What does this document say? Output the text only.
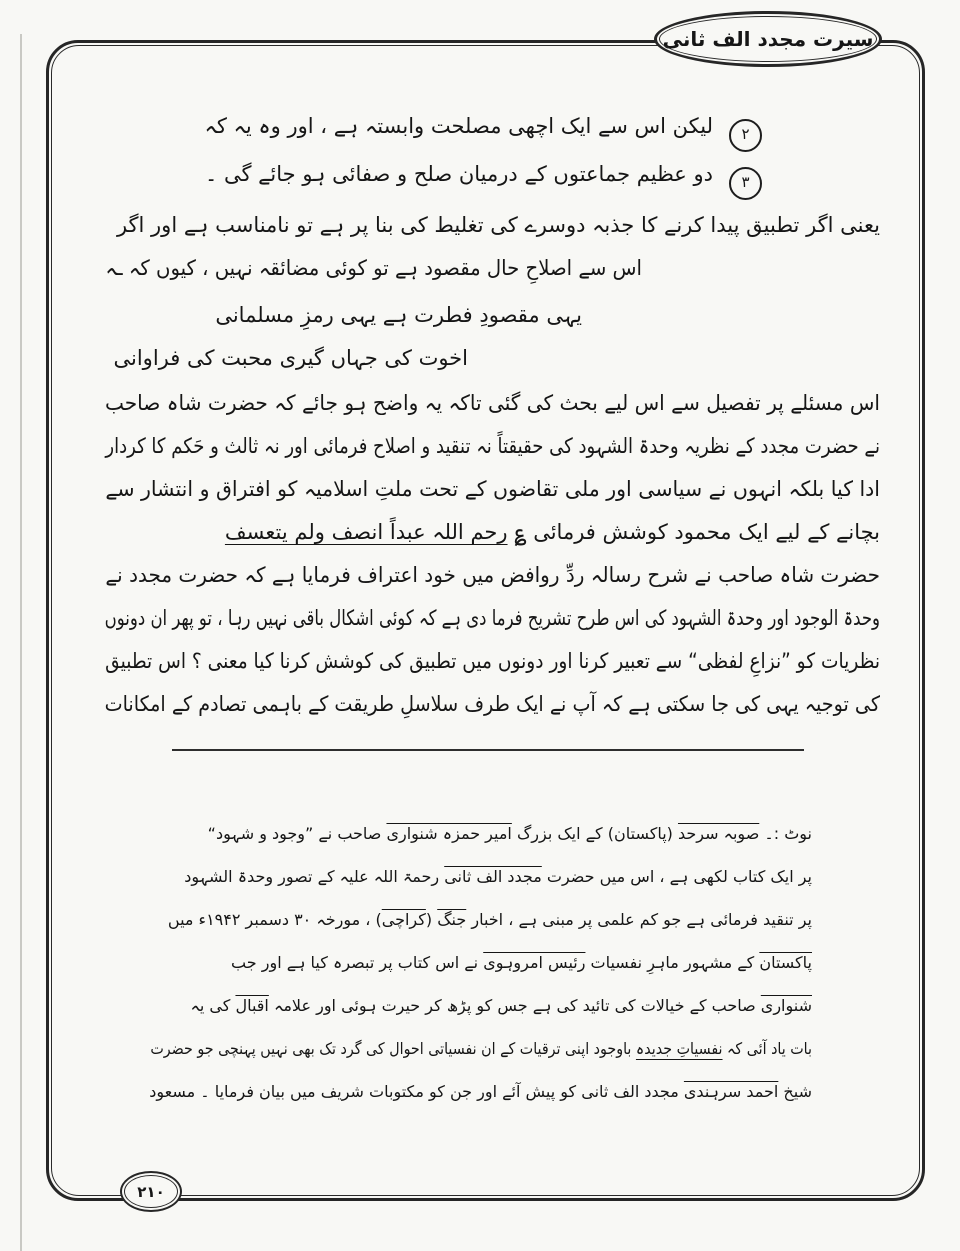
سیرت مجدد الف ثانی
۲لیکن اس سے ایک اچھی مصلحت وابستہ ہے ، اور وہ یہ کہ
۳دو عظیم جماعتوں کے درمیان صلح و صفائی ہو جائے گی ۔
یعنی اگر تطبیق پیدا کرنے کا جذبہ دوسرے کی تغلیط کی بنا پر ہے تو نامناسب ہے اور اگر
اس سے اصلاحِ حال مقصود ہے تو کوئی مضائقہ نہیں ، کیوں کہ ـہ
یہی مقصودِ فطرت ہے یہی رمزِ مسلمانی
اخوت کی جہاں گیری محبت کی فراوانی
اس مسئلے پر تفصیل سے اس لیے بحث کی گئی تاکہ یہ واضح ہو جائے کہ حضرت شاہ صاحب
نے حضرت مجدد کے نظریہ وحدۃ الشہود کی حقیقتاً نہ تنقید و اصلاح فرمائی اور نہ ثالث و حَکم کا کردار
ادا کیا بلکہ انہوں نے سیاسی اور ملی تقاضوں کے تحت ملتِ اسلامیہ کو افتراق و انتشار سے
بچانے کے لیے ایک محمود کوشش فرمائی ؏ رحم اللہ عبداً انصف ولم یتعسف
حضرت شاہ صاحب نے شرح رسالہ ردِّ روافض میں خود اعتراف فرمایا ہے کہ حضرت مجدد نے
وحدۃ الوجود اور وحدۃ الشہود کی اس طرح تشریح فرما دی ہے کہ کوئی اشکال باقی نہیں رہا ، تو پھر ان دونوں
نظریات کو ”نزاعِ لفظی“ سے تعبیر کرنا اور دونوں میں تطبیق کی کوشش کرنا کیا معنی ؟ اس تطبیق
کی توجیہ یہی کی جا سکتی ہے کہ آپ نے ایک طرف سلاسلِ طریقت کے باہمی تصادم کے امکانات
نوٹ :۔ صوبہ سرحد (پاکستان) کے ایک بزرگ امیر حمزہ شنواری صاحب نے ”وجود و شہود“
پر ایک کتاب لکھی ہے ، اس میں حضرت مجدد الف ثانی رحمۃ اللہ علیہ کے تصور وحدۃ الشہود
پر تنقید فرمائی ہے جو کم علمی پر مبنی ہے ، اخبار جنگ (کراچی) ، مورخہ ۳۰ دسمبر ۱۹۴۲ء میں
پاکستان کے مشہور ماہرِ نفسیات رئیس امروہوی نے اس کتاب پر تبصرہ کیا ہے اور جب
شنواری صاحب کے خیالات کی تائید کی ہے جس کو پڑھ کر حیرت ہوئی اور علامہ اقبال کی یہ
بات یاد آئی کہ نفسیاتِ جدیدہ باوجود اپنی ترقیات کے ان نفسیاتی احوال کی گرد تک بھی نہیں پہنچی جو حضرت
شیخ احمد سرہندی مجدد الف ثانی کو پیش آئے اور جن کو مکتوبات شریف میں بیان فرمایا ۔ مسعود
۲۱۰
